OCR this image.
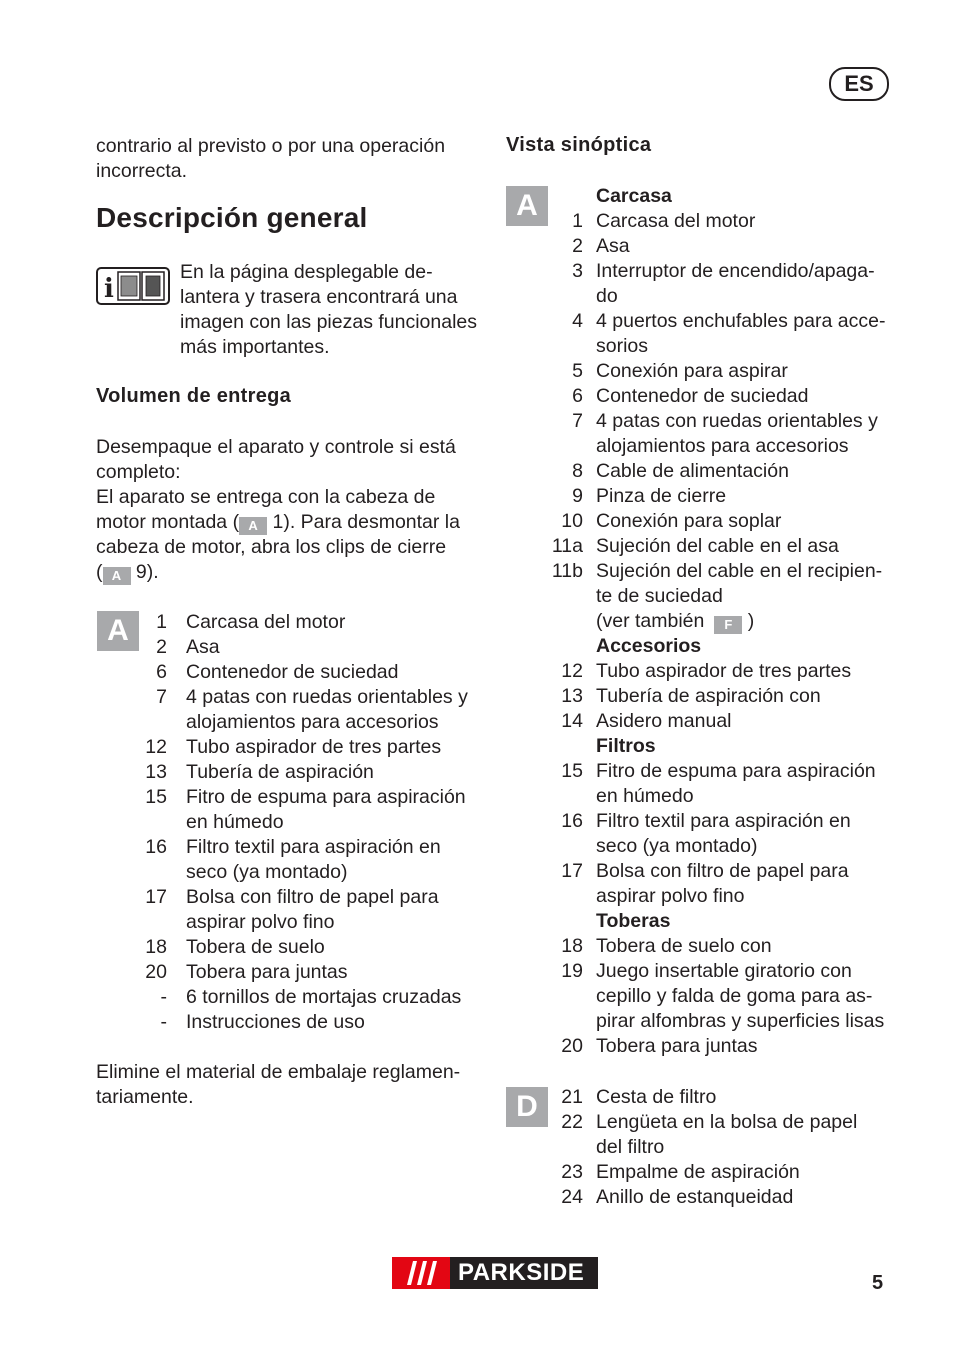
ES
contrario al previsto o por una operación
incorrecta.
Descripción general
i
En la página desplegable de-
lantera y trasera encontrará una
imagen con las piezas funcionales
más importantes.
Volumen de entrega
Desempaque el aparato y controle si está
completo:
El aparato se entrega con la cabeza de
motor montada ( A 1). Para desmontar la
cabeza de motor, abra los clips de cierre
( A 9).
A	1 Carcasa del motor
2 Asa
6 Contenedor de suciedad
7 4 patas con ruedas orientables y
alojamientos para accesorios
12 Tubo aspirador de tres partes
13 Tubería de aspiración
15 Fitro de espuma para aspiración
en húmedo
16 Filtro textil para aspiración en
seco (ya montado)
17 Bolsa con filtro de papel para
aspirar polvo fino
18 Tobera de suelo
20 Tobera para juntas
- 6 tornillos de mortajas cruzadas
- Instrucciones de uso
Elimine el material de embalaje reglamen-
tariamente.
Vista sinóptica
A	Carcasa
1 Carcasa del motor
2 Asa
3 Interruptor de encendido/apaga-
do
4 4 puertos enchufables para acce-
sorios
5 Conexión para aspirar
6 Contenedor de suciedad
7 4 patas con ruedas orientables y
alojamientos para accesorios
8 Cable de alimentación
9 Pinza de cierre
10 Conexión para soplar
11a Sujeción del cable en el asa
11b Sujeción del cable en el recipien-
te de suciedad
(ver también F )
Accesorios
12 Tubo aspirador de tres partes
13 Tubería de aspiración con
14 Asidero manual
Filtros
15 Fitro de espuma para aspiración
en húmedo
16 Filtro textil para aspiración en
seco (ya montado)
17 Bolsa con filtro de papel para
aspirar polvo fino
Toberas
18 Tobera de suelo con
19 Juego insertable giratorio con
cepillo y falda de goma para as-
pirar alfombras y superficies lisas
20 Tobera para juntas
D	21 Cesta de filtro
22 Lengüeta en la bolsa de papel
del filtro
23 Empalme de aspiración
24 Anillo de estanqueidad
PARKSIDE	5
